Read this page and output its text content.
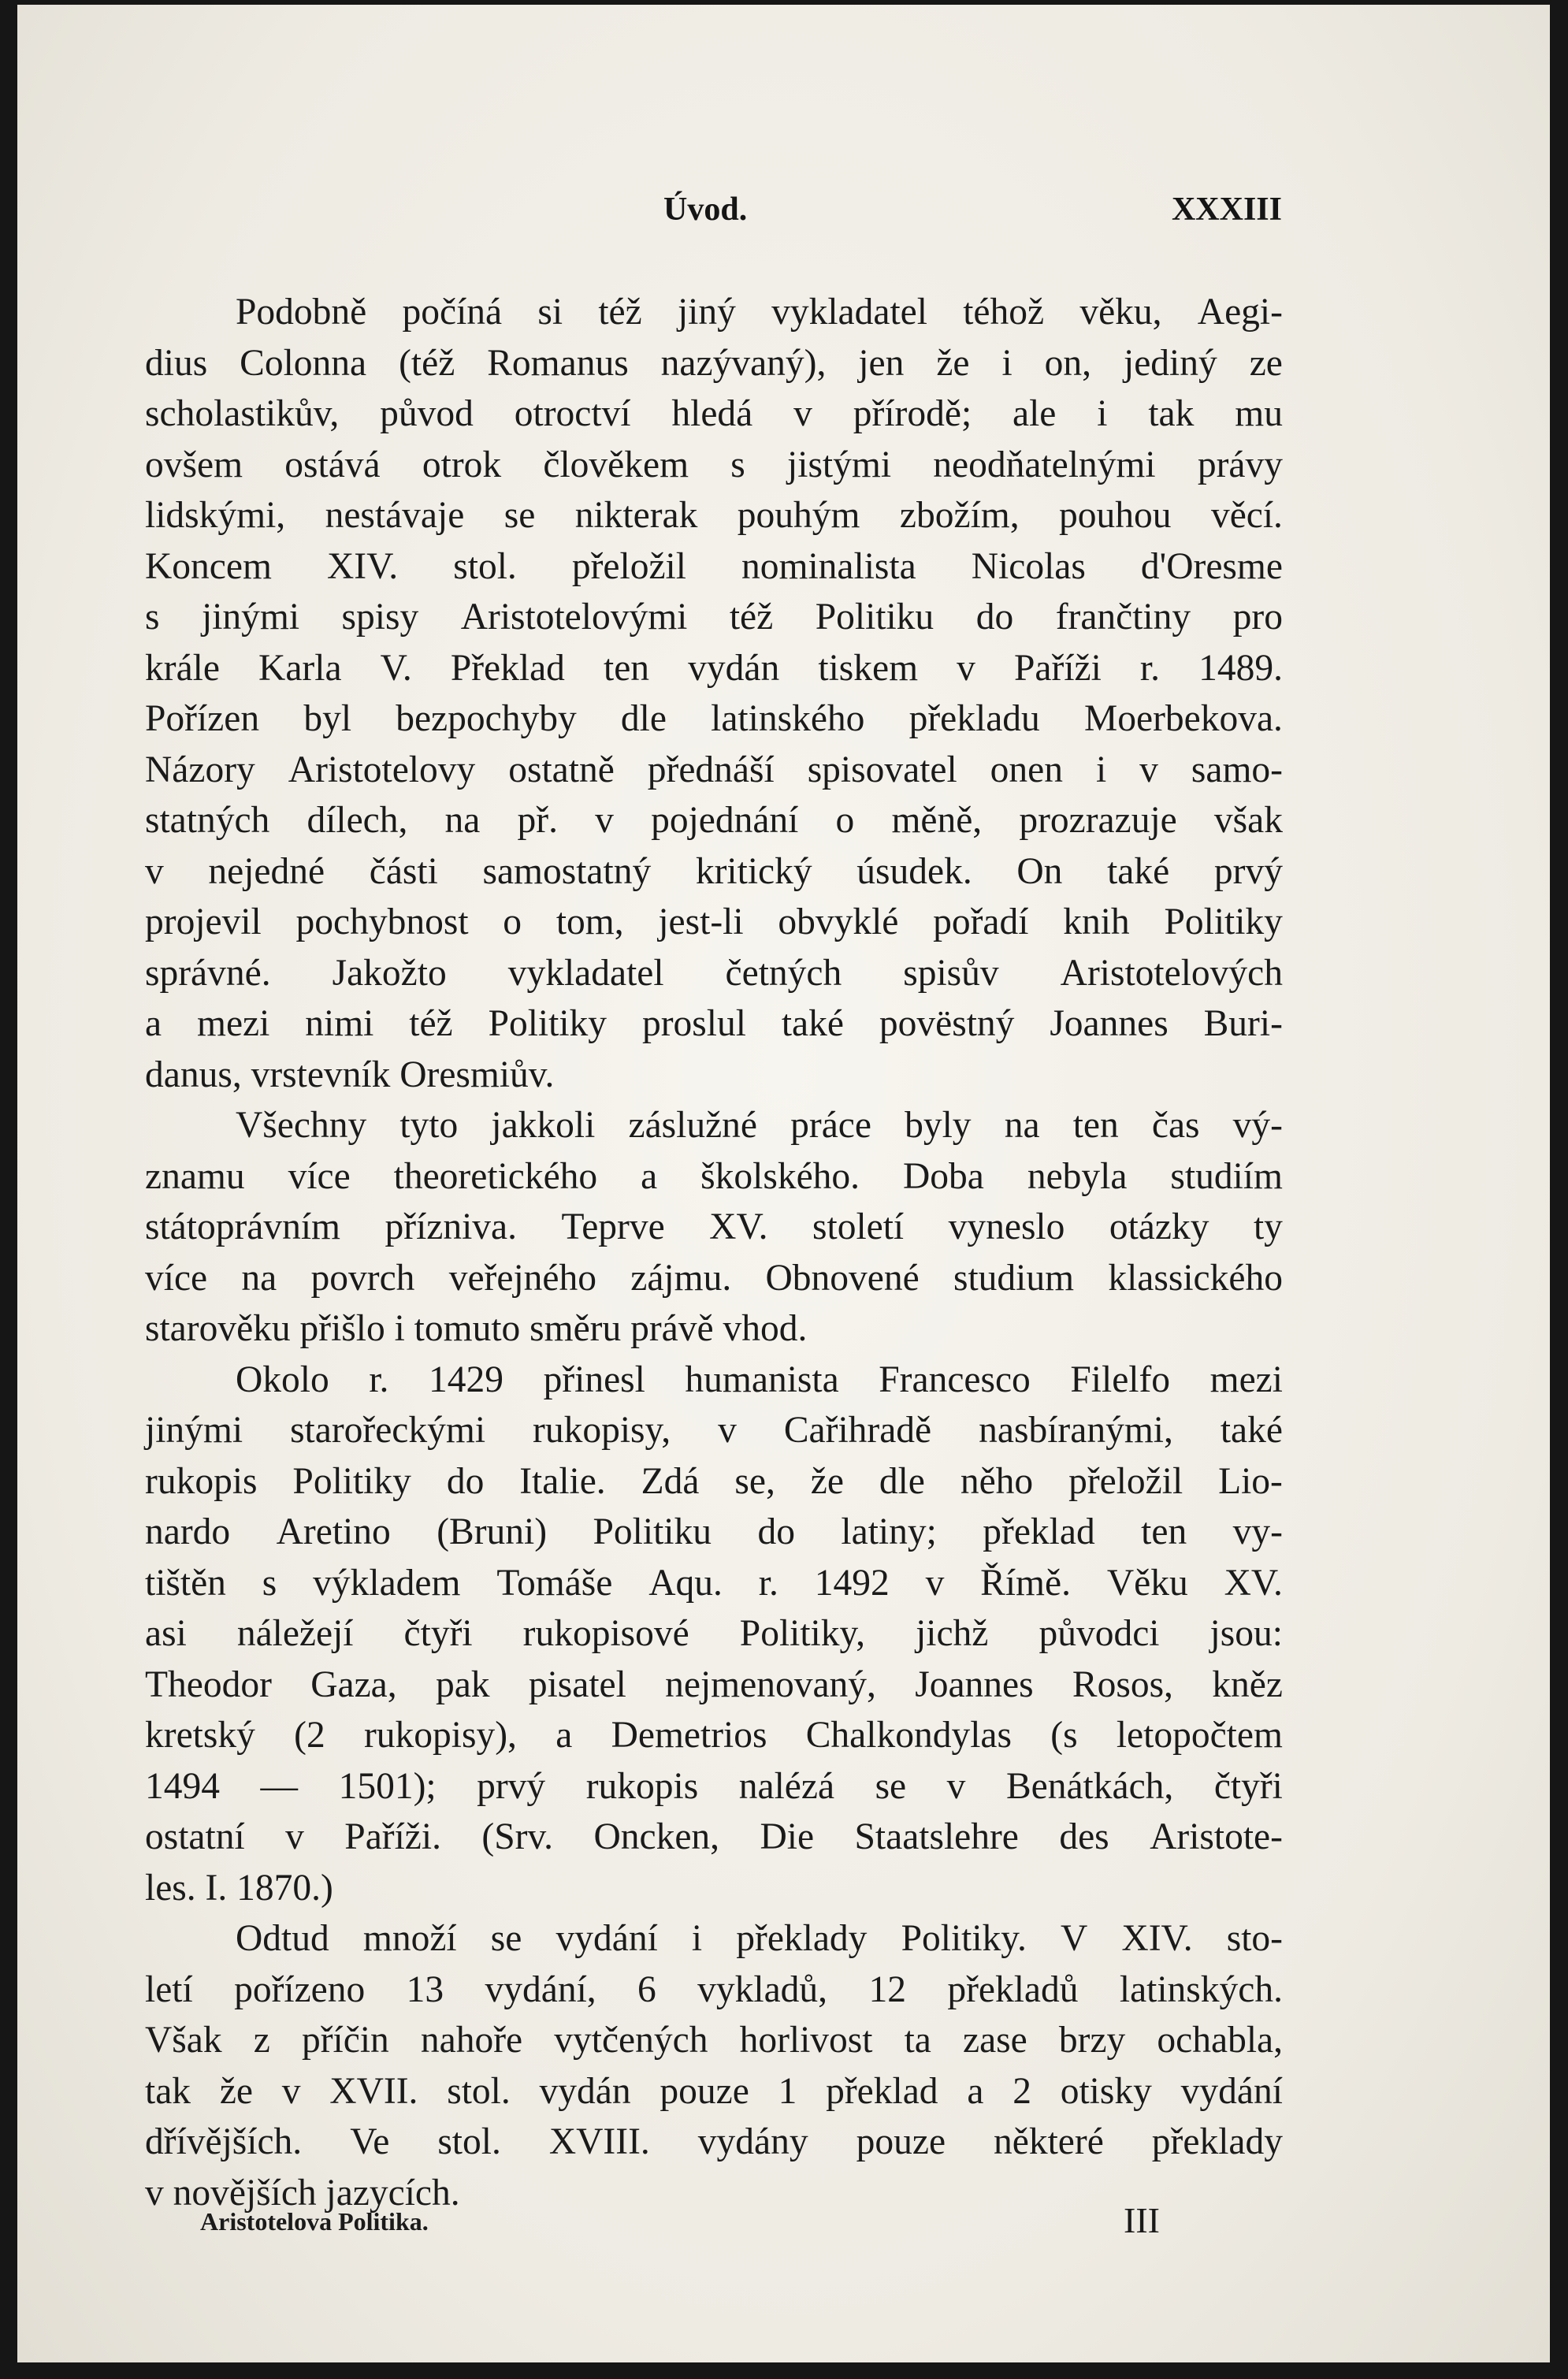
Úvod.	XXXIII
Podobně počíná si též jiný vykladatel téhož věku, Aegi-
dius Colonna (též Romanus nazývaný), jen že i on, jediný ze
scholastikův, původ otroctví hledá v přírodě; ale i tak mu
ovšem ostává otrok člověkem s jistými neodňatelnými právy
lidskými, nestávaje se nikterak pouhým zbožím, pouhou věcí.
Koncem XIV. stol. přeložil nominalista Nicolas d'Oresme
s jinými spisy Aristotelovými též Politiku do frančtiny pro
krále Karla V. Překlad ten vydán tiskem v Paříži r. 1489.
Pořízen byl bezpochyby dle latinského překladu Moerbekova.
Názory Aristotelovy ostatně přednáší spisovatel onen i v samo-
statných dílech, na př. v pojednání o měně, prozrazuje však
v nejedné části samostatný kritický úsudek. On také prvý
projevil pochybnost o tom, jest-li obvyklé pořadí knih Politiky
správné. Jakožto vykladatel četných spisův Aristotelových
a mezi nimi též Politiky proslul také povëstný Joannes Buri-
danus, vrstevník Oresmiův.
Všechny tyto jakkoli záslužné práce byly na ten čas vý-
znamu více theoretického a školského. Doba nebyla studiím
státoprávním přízniva. Teprve XV. století vyneslo otázky ty
více na povrch veřejného zájmu. Obnovené studium klassického
starověku přišlo i tomuto směru právě vhod.
Okolo r. 1429 přinesl humanista Francesco Filelfo mezi
jinými starořeckými rukopisy, v Cařihradě nasbíranými, také
rukopis Politiky do Italie. Zdá se, že dle něho přeložil Lio-
nardo Aretino (Bruni) Politiku do latiny; překlad ten vy-
tištěn s výkladem Tomáše Aqu. r. 1492 v Římě. Věku XV.
asi náležejí čtyři rukopisové Politiky, jichž původci jsou:
Theodor Gaza, pak pisatel nejmenovaný, Joannes Rosos, kněz
kretský (2 rukopisy), a Demetrios Chalkondylas (s letopočtem
1494 — 1501); prvý rukopis nalézá se v Benátkách, čtyři
ostatní v Paříži. (Srv. Oncken, Die Staatslehre des Aristote-
les. I. 1870.)
Odtud množí se vydání i překlady Politiky. V XIV. sto-
letí pořízeno 13 vydání, 6 vykladů, 12 překladů latinských.
Však z příčin nahoře vytčených horlivost ta zase brzy ochabla,
tak že v XVII. stol. vydán pouze 1 překlad a 2 otisky vydání
dřívějších. Ve stol. XVIII. vydány pouze některé překlady
v novějších jazycích.
Aristotelova Politika.	III
